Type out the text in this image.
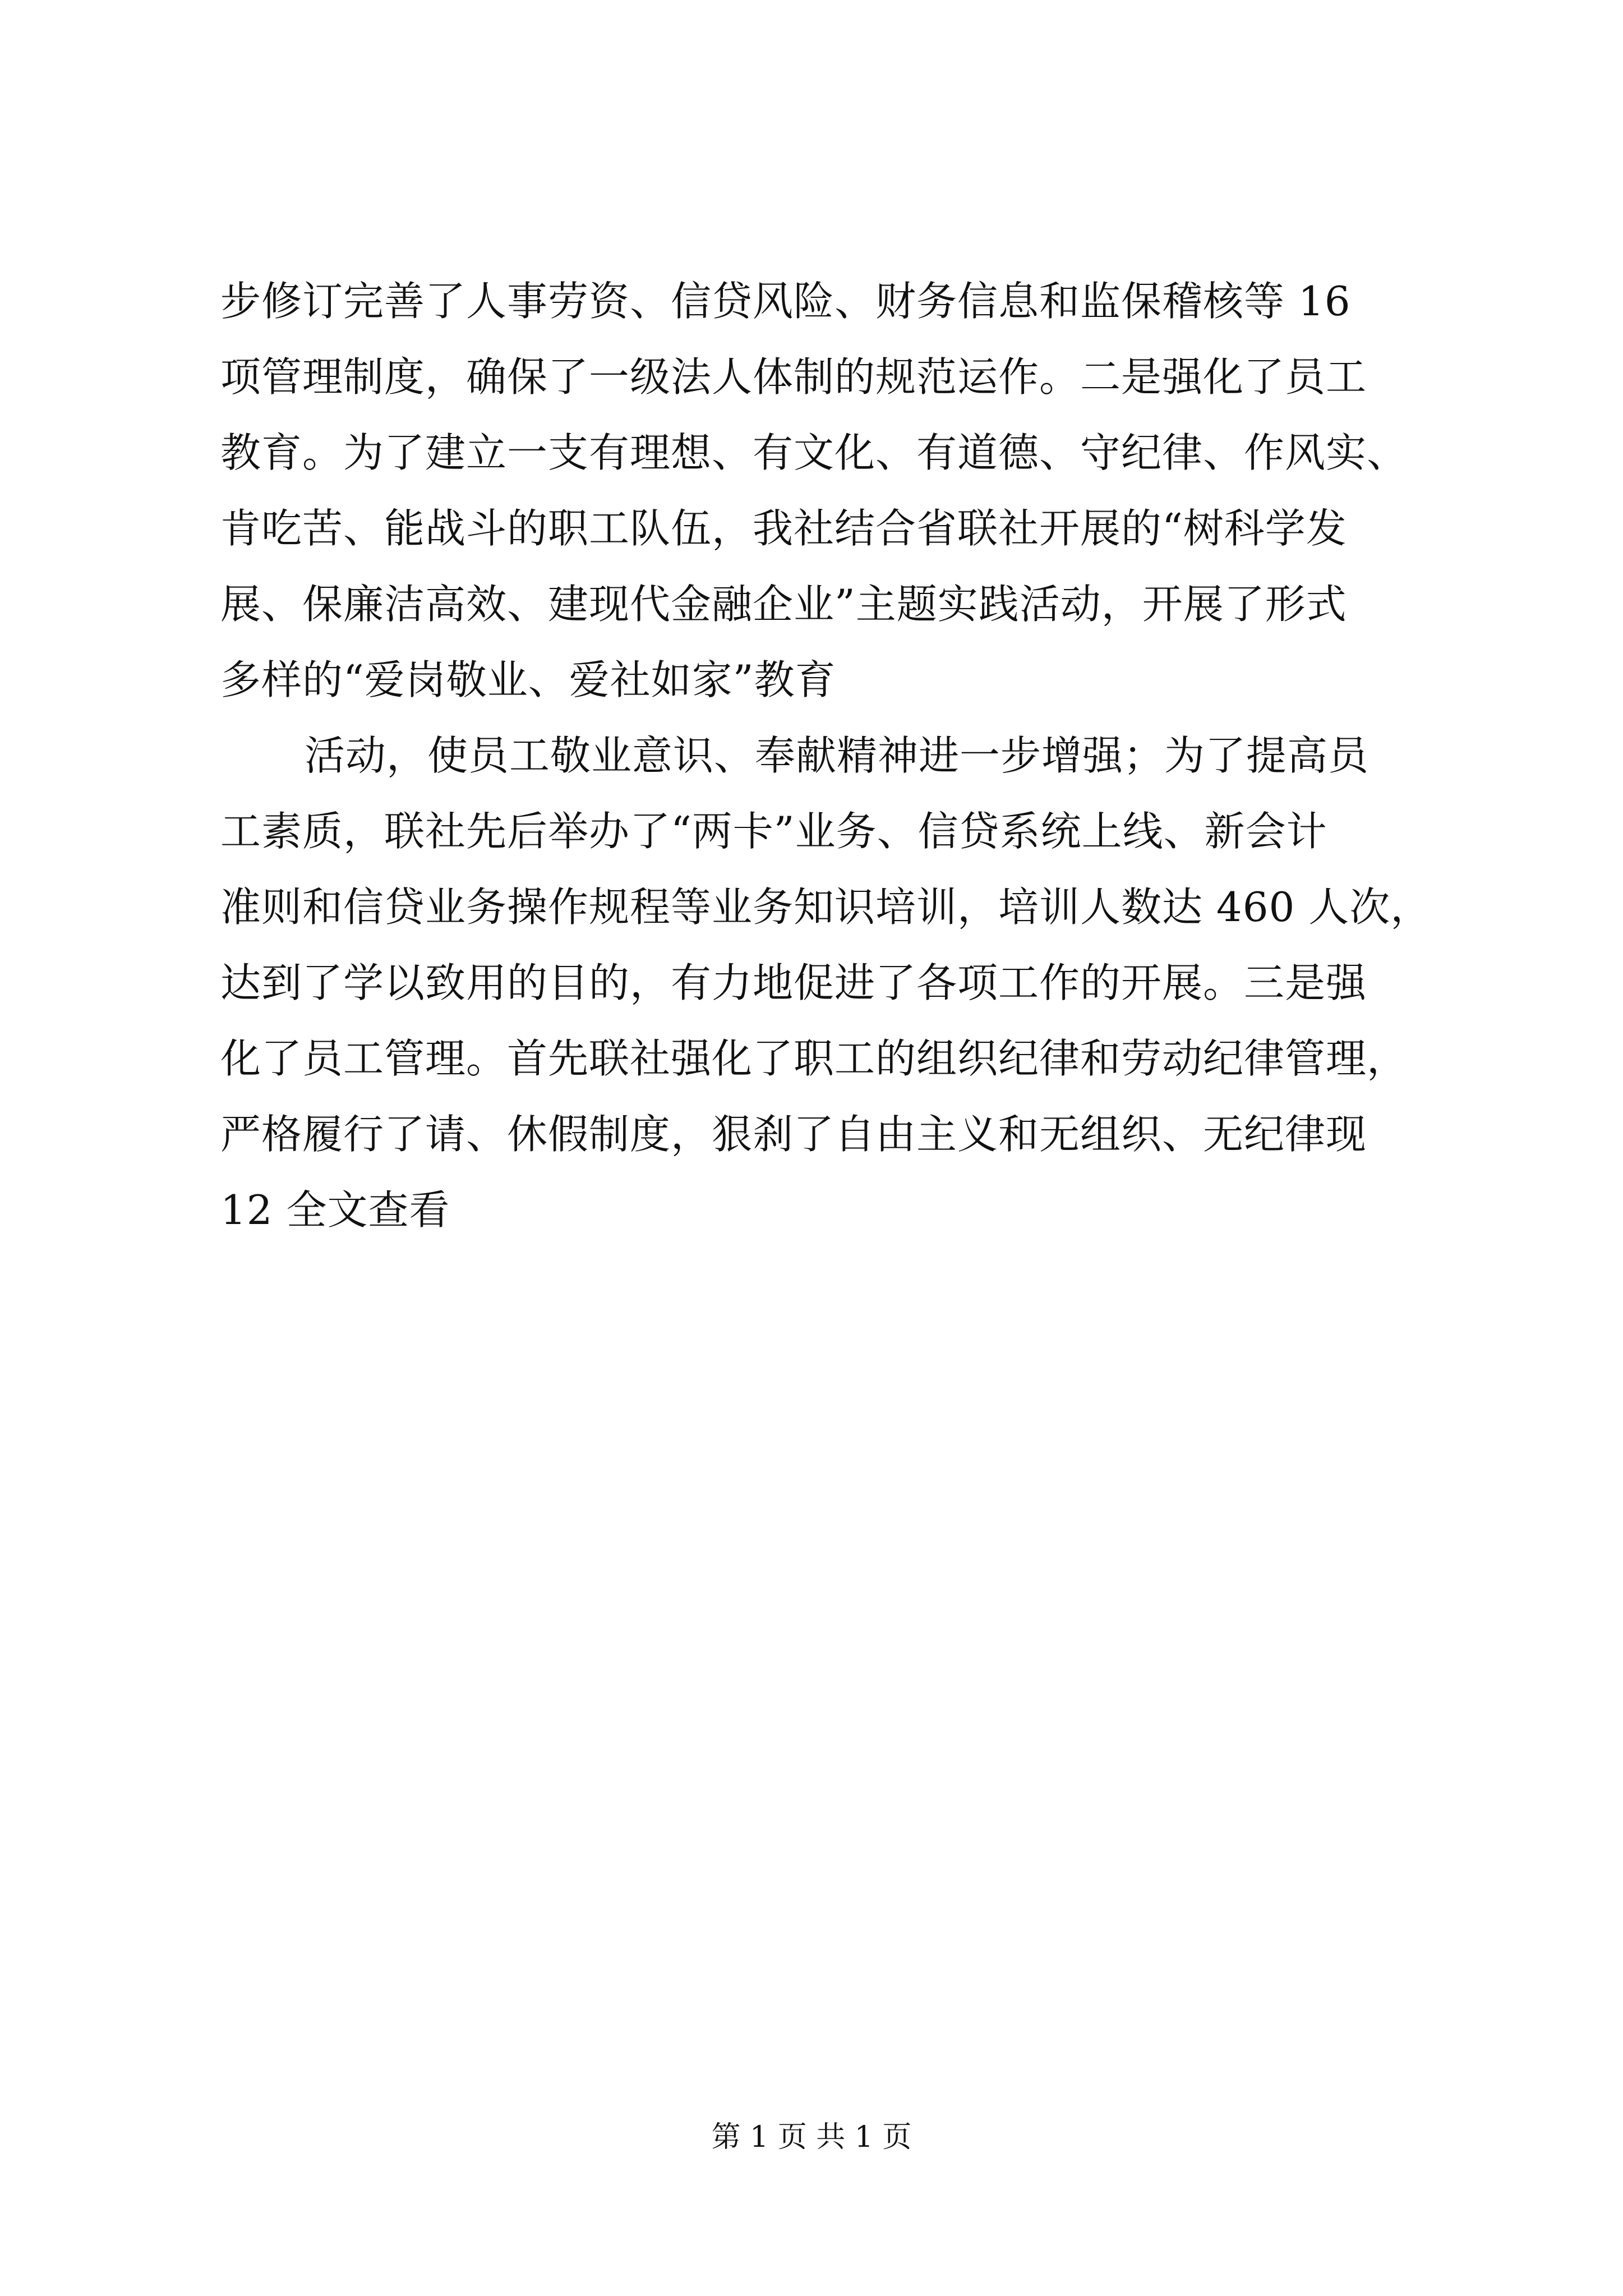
步修订完善了人事劳资、信贷风险、财务信息和监保稽核等 16
项管理制度，确保了一级法人体制的规范运作。二是强化了员工
教育。为了建立一支有理想、有文化、有道德、守纪律、作风实、
肯吃苦、能战斗的职工队伍，我社结合省联社开展的“树科学发
展、保廉洁高效、建现代金融企业”主题实践活动，开展了形式
多样的“爱岗敬业、爱社如家”教育
活动，使员工敬业意识、奉献精神进一步增强；为了提高员
工素质，联社先后举办了“两卡”业务、信贷系统上线、新会计
准则和信贷业务操作规程等业务知识培训，培训人数达 460 人次，
达到了学以致用的目的，有力地促进了各项工作的开展。三是强
化了员工管理。首先联社强化了职工的组织纪律和劳动纪律管理，
严格履行了请、休假制度，狠刹了自由主义和无组织、无纪律现
12 全文查看
第 1 页 共 1 页
